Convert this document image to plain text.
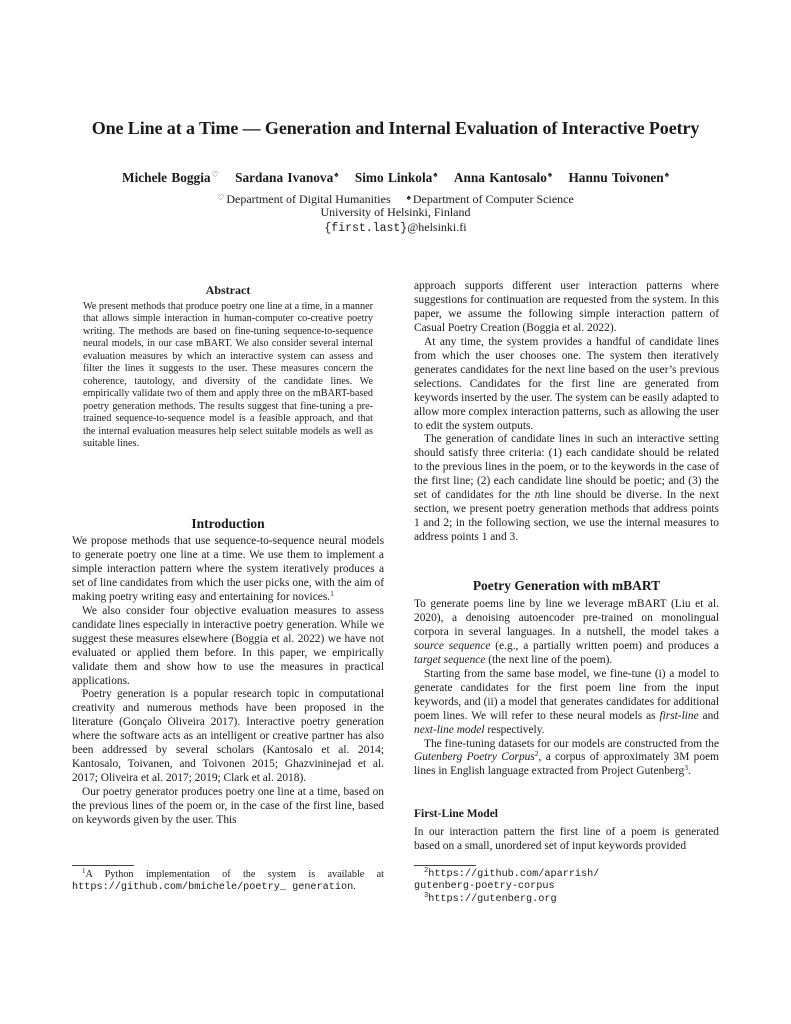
One Line at a Time — Generation and Internal Evaluation of Interactive Poetry
Michele Boggia♡ Sardana Ivanova♠ Simo Linkola♠ Anna Kantosalo♠ Hannu Toivonen♠
♡ Department of Digital Humanities ♠ Department of Computer Science
University of Helsinki, Finland
{first.last}@helsinki.fi
Abstract

We present methods that produce poetry one line at a time, in a manner that allows simple interaction in human-computer co-creative poetry writing. The methods are based on fine-tuning sequence-to-sequence neural models, in our case mBART. We also consider several internal evaluation measures by which an interactive system can assess and filter the lines it suggests to the user. These measures concern the coherence, tautology, and diversity of the candidate lines. We empirically validate two of them and apply three on the mBART-based poetry generation methods. The results suggest that fine-tuning a pre-trained sequence-to-sequence model is a feasible approach, and that the internal evaluation measures help select suitable models as well as suitable lines.

Introduction

We propose methods that use sequence-to-sequence neural models to generate poetry one line at a time. We use them to implement a simple interaction pattern where the system iteratively produces a set of line candidates from which the user picks one, with the aim of making poetry writing easy and entertaining for novices.$^1$

We also consider four objective evaluation measures to assess candidate lines especially in interactive poetry generation. While we suggest these measures elsewhere (Boggia et al. 2022) we have not evaluated or applied them before. In this paper, we empirically validate them and show how to use the measures in practical applications.

Poetry generation is a popular research topic in computational creativity and numerous methods have been proposed in the literature (Gonçalo Oliveira 2017). Interactive poetry generation where the software acts as an intelligent or creative partner has also been addressed by several scholars (Kantosalo et al. 2014; Kantosalo, Toivanen, and Toivonen 2015; Ghazvininejad et al. 2017; Oliveira et al. 2017; 2019; Clark et al. 2018).

Our poetry generator produces poetry one line at a time, based on the previous lines of the poem or, in the case of the first line, based on keywords given by the user. This

$^1$A Python implementation of the system is available at https://github.com/bmichele/poetry_ generation.

approach supports different user interaction patterns where suggestions for continuation are requested from the system. In this paper, we assume the following simple interaction pattern of Casual Poetry Creation (Boggia et al. 2022).

At any time, the system provides a handful of candidate lines from which the user chooses one. The system then iteratively generates candidates for the next line based on the user’s previous selections. Candidates for the first line are generated from keywords inserted by the user. The system can be easily adapted to allow more complex interaction patterns, such as allowing the user to edit the system outputs.

The generation of candidate lines in such an interactive setting should satisfy three criteria: (1) each candidate should be related to the previous lines in the poem, or to the keywords in the case of the first line; (2) each candidate line should be poetic; and (3) the set of candidates for the nth line should be diverse. In the next section, we present poetry generation methods that address points 1 and 2; in the following section, we use the internal measures to address points 1 and 3.

Poetry Generation with mBART

To generate poems line by line we leverage mBART (Liu et al. 2020), a denoising autoencoder pre-trained on monolingual corpora in several languages. In a nutshell, the model takes a source sequence (e.g., a partially written poem) and produces a target sequence (the next line of the poem).

Starting from the same base model, we fine-tune (i) a model to generate candidates for the first poem line from the input keywords, and (ii) a model that generates candidates for additional poem lines. We will refer to these neural models as first-line and next-line model respectively.

The fine-tuning datasets for our models are constructed from the Gutenberg Poetry Corpus$^2$, a corpus of approximately 3M poem lines in English language extracted from Project Gutenberg$^3$.

First-Line Model

In our interaction pattern the first line of a poem is generated based on a small, unordered set of input keywords provided

$^2$https://github.com/aparrish/
gutenberg-poetry-corpus
$^3$https://gutenberg.org
